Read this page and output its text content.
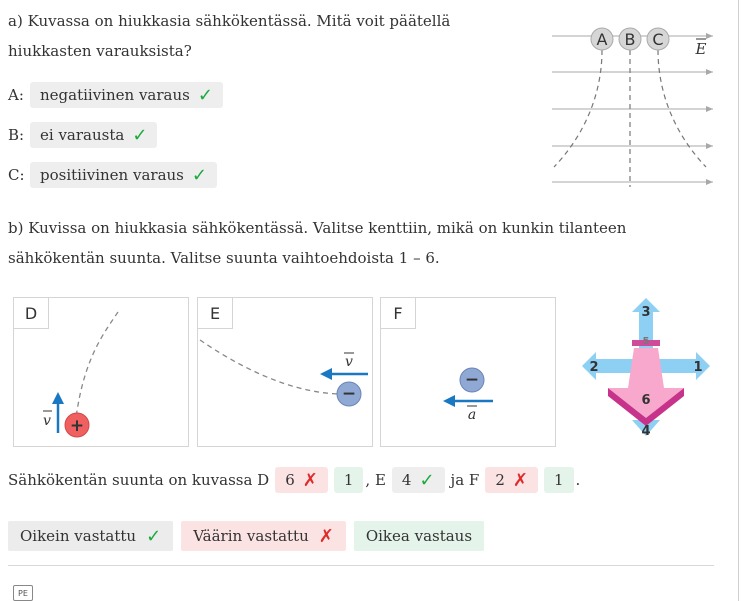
a) Kuvassa on hiukkasia sähkökentässä. Mitä voit päätellä hiukkasten varauksista?
A:	negatiivinen varaus ✓
B:	ei varausta ✓
C:	positiivinen varaus ✓
A B C E
b) Kuvissa on hiukkasia sähkökentässä. Valitse kenttiin, mikä on kunkin tilanteen sähkökentän suunta. Valitse suunta vaihtoehdoista 1 – 6.
D
v +
E
v
−
F
−
a
1
2
3
4
5
6
Sähkökentän suunta on kuvassa D 6 ✗ 1 , E 4 ✓ ja F 2 ✗ 1 .
Oikein vastattu ✓ Väärin vastattu ✗ Oikea vastaus
PE
